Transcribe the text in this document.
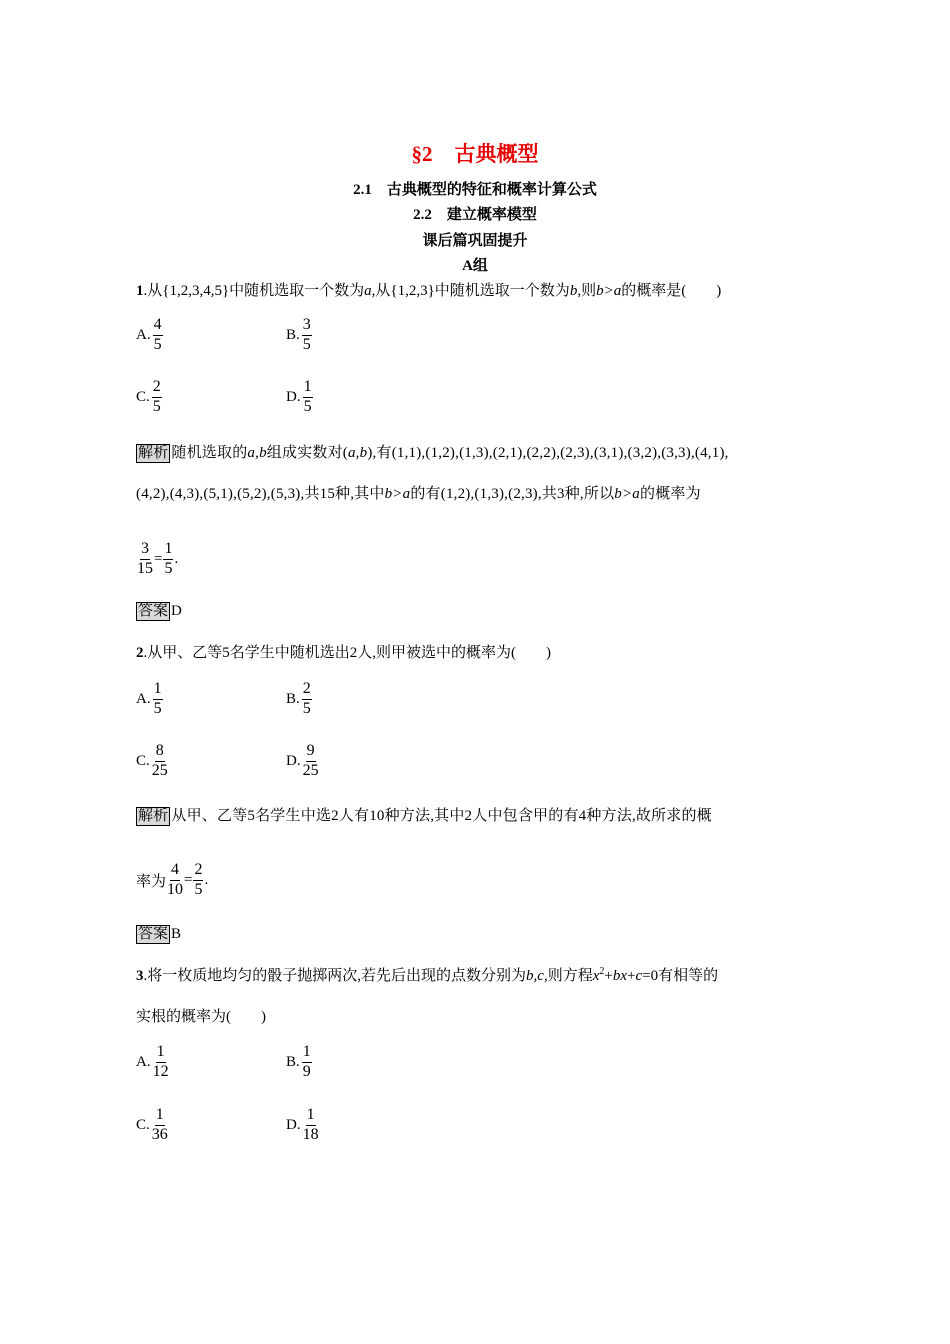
§2 古典概型
2.1　古典概型的特征和概率计算公式
2.2　建立概率模型
课后篇巩固提升
A组
1.从{1,2,3,4,5}中随机选取一个数为a,从{1,2,3}中随机选取一个数为b,则b>a的概率是(　　)
A. $\frac{4}{5}$	B. $\frac{3}{5}$
C. $\frac{2}{5}$	D. $\frac{1}{5}$
解析 随机选取的a,b组成实数对(a,b),有(1,1),(1,2),(1,3),(2,1),(2,2),(2,3),(3,1),(3,2),(3,3),(4,1),
(4,2),(4,3),(5,1),(5,2),(5,3),共15种,其中b>a的有(1,2),(1,3),(2,3),共3种,所以b>a的概率为
$\frac{3}{15} = \frac{1}{5}$ .
答案 D
2.从甲、乙等5名学生中随机选出2人,则甲被选中的概率为(　　)
A. $\frac{1}{5}$	B. $\frac{2}{5}$
C. $\frac{8}{25}$	D. $\frac{9}{25}$
解析 从甲、乙等5名学生中选2人有10种方法,其中2人中包含甲的有4种方法,故所求的概
率为 $\frac{4}{10} = \frac{2}{5}$ .
答案 B
3.将一枚质地均匀的骰子抛掷两次,若先后出现的点数分别为b,c,则方程$x^2+bx+c=0$有相等的
实根的概率为(　　)
A. $\frac{1}{12}$	B. $\frac{1}{9}$
C. $\frac{1}{36}$	D. $\frac{1}{18}$
